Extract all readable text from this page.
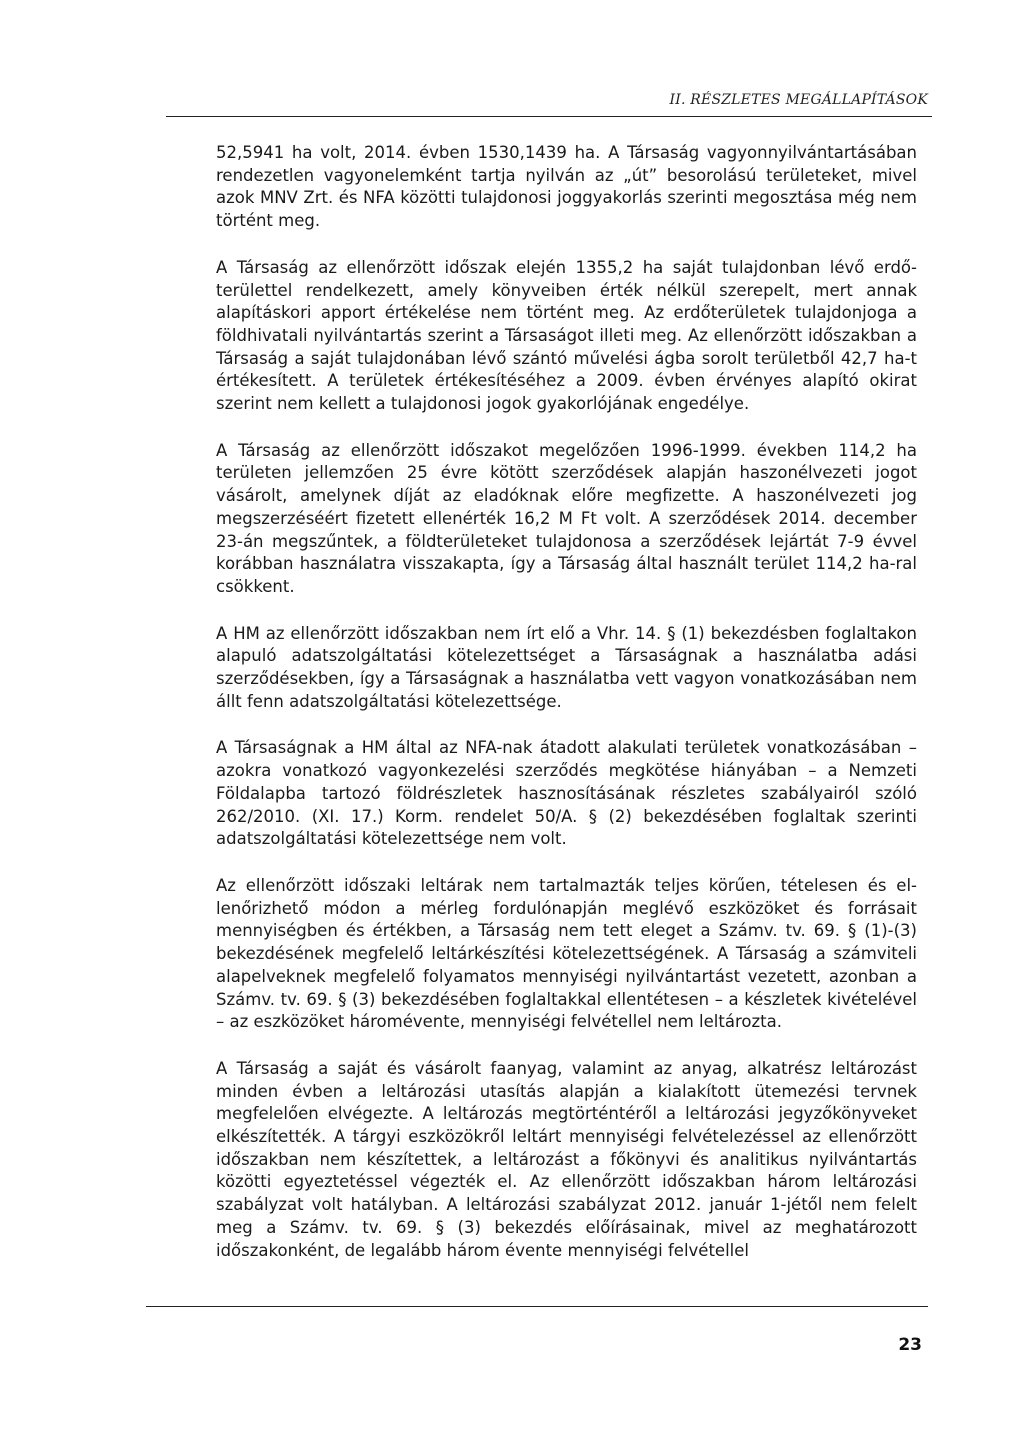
II. RÉSZLETES MEGÁLLAPÍTÁSOK

52,5941 ha volt, 2014. évben 1530,1439 ha. A Társaság vagyonnyilvántartásában rendezetlen vagyonelemként tartja nyilván az „út” besorolású területeket, mivel azok MNV Zrt. és NFA közötti tulajdonosi joggyakorlás szerinti megosztása még nem történt meg.

A Társaság az ellenőrzött időszak elején 1355,2 ha saját tulajdonban lévő erdőterülettel rendelkezett, amely könyveiben érték nélkül szerepelt, mert annak alapításkori apport értékelése nem történt meg. Az erdőterületek tulajdonjoga a földhivatali nyilvántartás szerint a Társaságot illeti meg. Az ellenőrzött időszakban a Társaság a saját tulajdonában lévő szántó művelési ágba sorolt területből 42,7 ha-t értékesített. A területek értékesítéséhez a 2009. évben érvényes alapító okirat szerint nem kellett a tulajdonosi jogok gyakorlójának engedélye.

A Társaság az ellenőrzött időszakot megelőzően 1996-1999. években 114,2 ha területen jellemzően 25 évre kötött szerződések alapján haszonélvezeti jogot vásárolt, amelynek díját az eladóknak előre megfizette. A haszonélvezeti jog megszerzéséért fizetett ellenérték 16,2 M Ft volt. A szerződések 2014. december 23-án megszűntek, a földterületeket tulajdonosa a szerződések lejártát 7-9 évvel korábban használatra visszakapta, így a Társaság által használt terület 114,2 ha-ral csökkent.

A HM az ellenőrzött időszakban nem írt elő a Vhr. 14. § (1) bekezdésben foglaltakon alapuló adatszolgáltatási kötelezettséget a Társaságnak a használatba adási szerződésekben, így a Társaságnak a használatba vett vagyon vonatkozásában nem állt fenn adatszolgáltatási kötelezettsége.

A Társaságnak a HM által az NFA-nak átadott alakulati területek vonatkozásában – azokra vonatkozó vagyonkezelési szerződés megkötése hiányában – a Nemzeti Földalapba tartozó földrészletek hasznosításának részletes szabályairól szóló 262/2010. (XI. 17.) Korm. rendelet 50/A. § (2) bekezdésében foglaltak szerinti adatszolgáltatási kötelezettsége nem volt.

Az ellenőrzött időszaki leltárak nem tartalmazták teljes körűen, tételesen és ellenőrizhető módon a mérleg fordulónapján meglévő eszközöket és forrásait mennyiségben és értékben, a Társaság nem tett eleget a Számv. tv. 69. § (1)-(3) bekezdésének megfelelő leltárkészítési kötelezettségének. A Társaság a számviteli alapelveknek megfelelő folyamatos mennyiségi nyilvántartást vezetett, azonban a Számv. tv. 69. § (3) bekezdésében foglaltakkal ellentétesen – a készletek kivételével – az eszközöket háromévente, mennyiségi felvétellel nem leltározta.

A Társaság a saját és vásárolt faanyag, valamint az anyag, alkatrész leltározást minden évben a leltározási utasítás alapján a kialakított ütemezési tervnek megfelelően elvégezte. A leltározás megtörténtéről a leltározási jegyzőkönyveket elkészítették. A tárgyi eszközökről leltárt mennyiségi felvételezéssel az ellenőrzött időszakban nem készítettek, a leltározást a főkönyvi és analitikus nyilvántartás közötti egyeztetéssel végezték el. Az ellenőrzött időszakban három leltározási szabályzat volt hatályban. A leltározási szabályzat 2012. január 1-jétől nem felelt meg a Számv. tv. 69. § (3) bekezdés előírásainak, mivel az meghatározott időszakonként, de legalább három évente mennyiségi felvétellel

23
